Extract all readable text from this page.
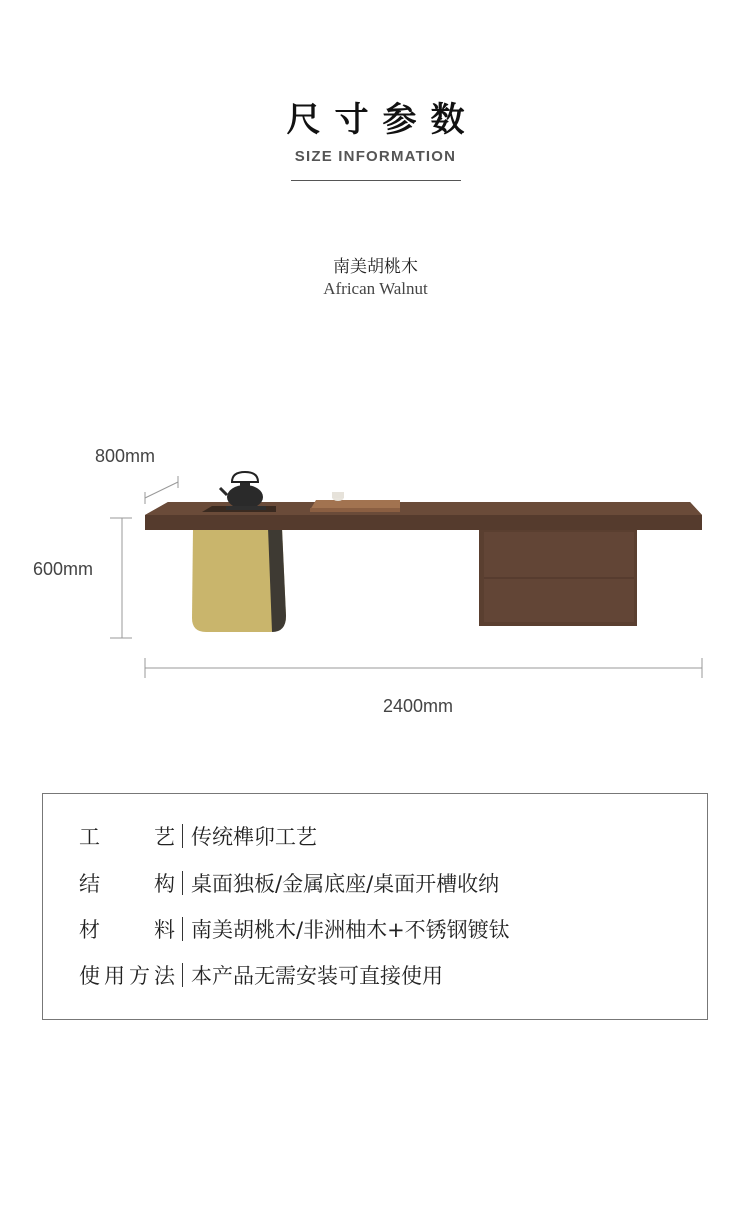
尺寸参数
SIZE INFORMATION
南美胡桃木
African Walnut
800mm
600mm
2400mm
工	艺 传统榫卯工艺
结	构 桌面独板/金属底座/桌面开槽收纳
材	料 南美胡桃木/非洲柚木+不锈钢镀钛
使 用 方 法 本产品无需安装可直接使用
